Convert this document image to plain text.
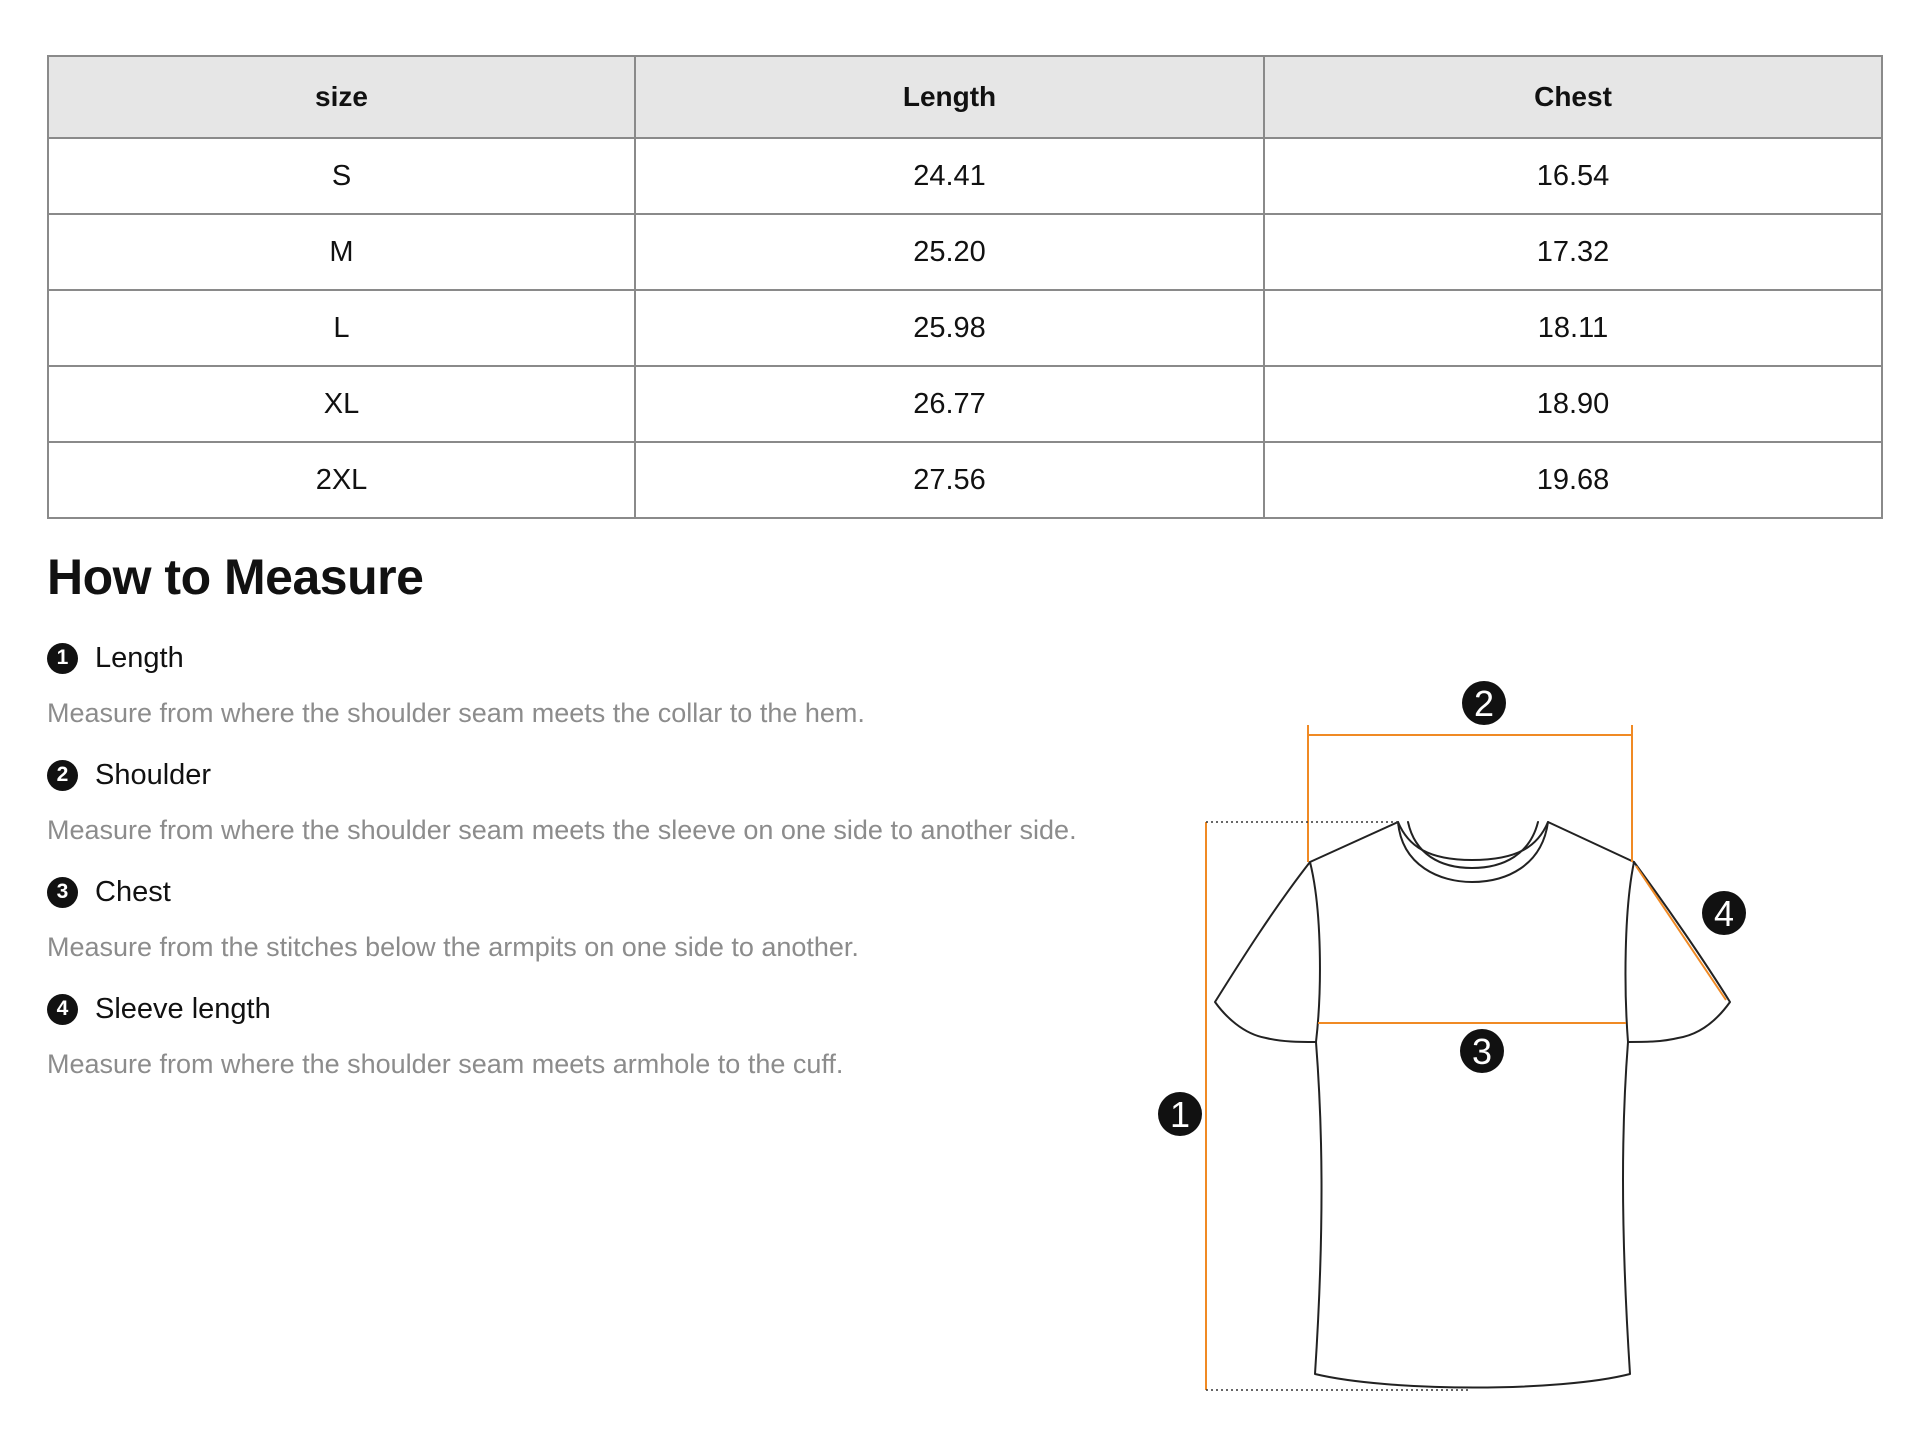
size	Length	Chest
S	24.41	16.54
M	25.20	17.32
L	25.98	18.11
XL	26.77	18.90
2XL	27.56	19.68
How to Measure
1 Length
Measure from where the shoulder seam meets the collar to the hem.
2 Shoulder
Measure from where the shoulder seam meets the sleeve on one side to another side.
3 Chest
Measure from the stitches below the armpits on one side to another.
4 Sleeve length
Measure from where the shoulder seam meets armhole to the cuff.
2
4
3
1
